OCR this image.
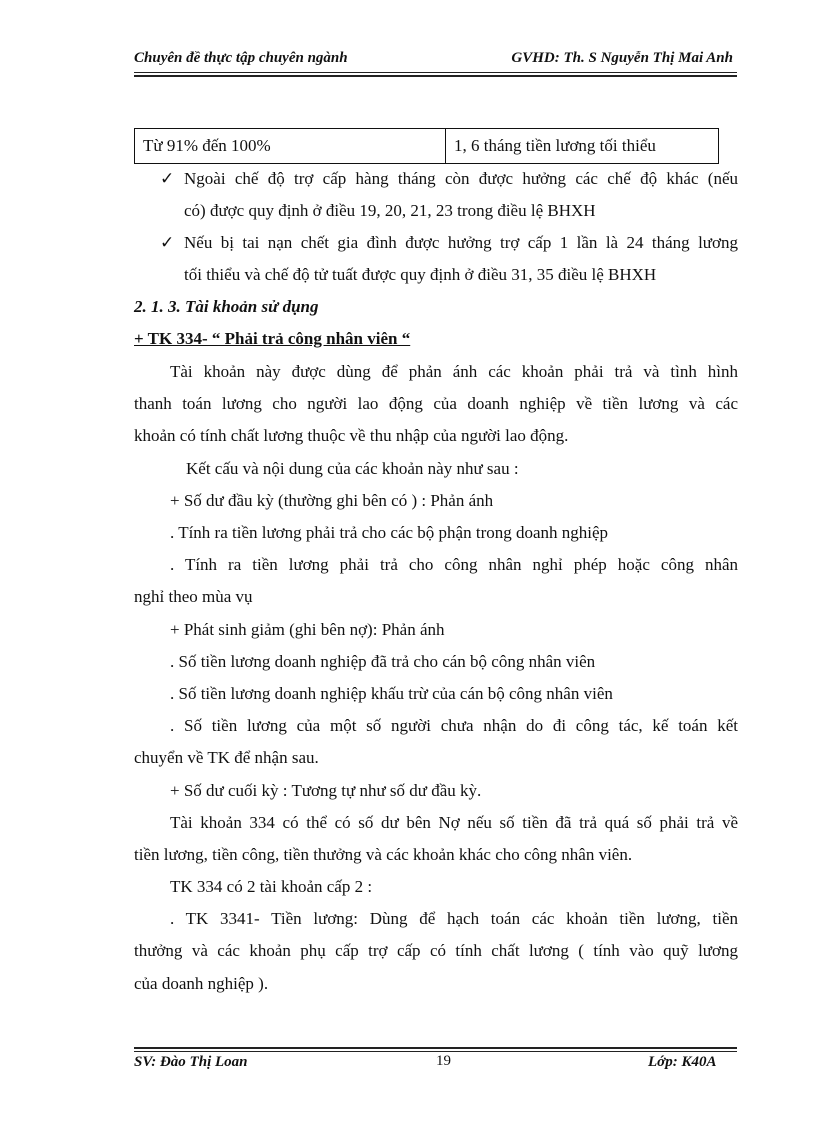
Chuyên đề thực tập chuyên ngành	GVHD: Th. S Nguyễn Thị Mai Anh
Từ 91% đến 100%	1, 6 tháng tiền lương tối thiểu
✓ Ngoài chế độ trợ cấp hàng tháng còn được hưởng các chế độ khác (nếu
có) được quy định ở điều 19, 20, 21, 23 trong điều lệ BHXH
✓ Nếu bị tai nạn chết gia đình được hưởng trợ cấp 1 lần là 24 tháng lương
tối thiểu và chế độ tử tuất được quy định ở điều 31, 35 điều lệ BHXH
2. 1. 3. Tài khoản sử dụng
+ TK 334- “ Phải trả công nhân viên “
Tài khoản này được dùng để phản ánh các khoản phải trả và tình hình
thanh toán lương cho người lao động của doanh nghiệp về tiền lương và các
khoản có tính chất lương thuộc về thu nhập của người lao động.
Kết cấu và nội dung của các khoản này như sau :
+ Số dư đầu kỳ (thường ghi bên có ) : Phản ánh
. Tính ra tiền lương phải trả cho các bộ phận trong doanh nghiệp
. Tính ra tiền lương phải trả cho công nhân nghỉ phép hoặc công nhân
nghỉ theo mùa vụ
+ Phát sinh giảm (ghi bên nợ): Phản ánh
. Số tiền lương doanh nghiệp đã trả cho cán bộ công nhân viên
. Số tiền lương doanh nghiệp khấu trừ của cán bộ công nhân viên
. Số tiền lương của một số người chưa nhận do đi công tác, kế toán kết
chuyển về TK để nhận sau.
+ Số dư cuối kỳ : Tương tự như số dư đầu kỳ.
Tài khoản 334 có thể có số dư bên Nợ nếu số tiền đã trả quá số phải trả về
tiền lương, tiền công, tiền thưởng và các khoản khác cho công nhân viên.
TK 334 có 2 tài khoản cấp 2 :
. TK 3341- Tiền lương: Dùng để hạch toán các khoản tiền lương, tiền
thưởng và các khoản phụ cấp trợ cấp có tính chất lương ( tính vào quỹ lương
của doanh nghiệp ).
SV: Đào Thị Loan	19	Lớp: K40A
